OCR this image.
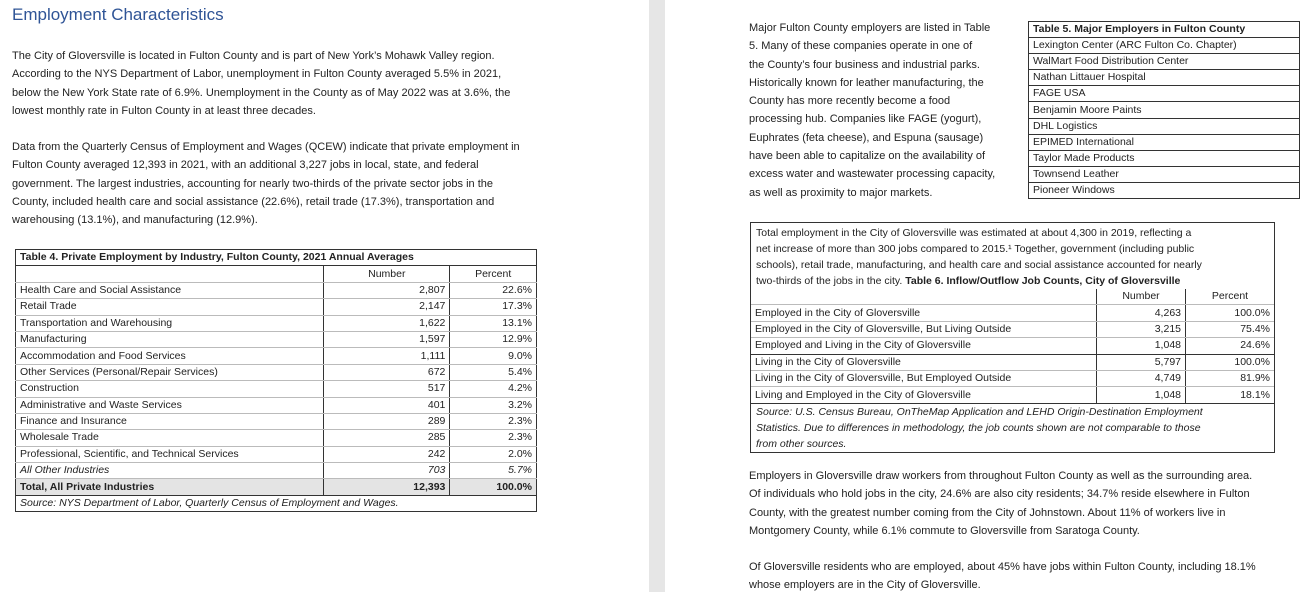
Employment Characteristics
The City of Gloversville is located in Fulton County and is part of New York’s Mohawk Valley region.
According to the NYS Department of Labor, unemployment in Fulton County averaged 5.5% in 2021,
below the New York State rate of 6.9%. Unemployment in the County as of May 2022 was at 3.6%, the
lowest monthly rate in Fulton County in at least three decades.
Data from the Quarterly Census of Employment and Wages (QCEW) indicate that private employment in
Fulton County averaged 12,393 in 2021, with an additional 3,227 jobs in local, state, and federal
government. The largest industries, accounting for nearly two-thirds of the private sector jobs in the
County, included health care and social assistance (22.6%), retail trade (17.3%), transportation and
warehousing (13.1%), and manufacturing (12.9%).
Table 4. Private Employment by Industry, Fulton County, 2021 Annual Averages		
	Number	Percent
Health Care and Social Assistance	2,807	22.6%
Retail Trade	2,147	17.3%
Transportation and Warehousing	1,622	13.1%
Manufacturing	1,597	12.9%
Accommodation and Food Services	1,111	9.0%
Other Services (Personal/Repair Services)	672	5.4%
Construction	517	4.2%
Administrative and Waste Services	401	3.2%
Finance and Insurance	289	2.3%
Wholesale Trade	285	2.3%
Professional, Scientific, and Technical Services	242	2.0%
All Other Industries	703	5.7%
Total, All Private Industries	12,393	100.0%
Source: NYS Department of Labor, Quarterly Census of Employment and Wages.		
Major Fulton County employers are listed in Table
5. Many of these companies operate in one of
the County’s four business and industrial parks.
Historically known for leather manufacturing, the
County has more recently become a food
processing hub. Companies like FAGE (yogurt),
Euphrates (feta cheese), and Espuna (sausage)
have been able to capitalize on the availability of
excess water and wastewater processing capacity,
as well as proximity to major markets.
Employers in Gloversville draw workers from throughout Fulton County as well as the surrounding area.
Of individuals who hold jobs in the city, 24.6% are also city residents; 34.7% reside elsewhere in Fulton
County, with the greatest number coming from the City of Johnstown. About 11% of workers live in
Montgomery County, while 6.1% commute to Gloversville from Saratoga County.
Of Gloversville residents who are employed, about 45% have jobs within Fulton County, including 18.1%
whose employers are in the City of Gloversville.
Table 5. Major Employers in Fulton County
Lexington Center (ARC Fulton Co. Chapter)
WalMart Food Distribution Center
Nathan Littauer Hospital
FAGE USA
Benjamin Moore Paints
DHL Logistics
EPIMED International
Taylor Made Products
Townsend Leather
Pioneer Windows
Total employment in the City of Gloversville was estimated at about 4,300 in 2019, reflecting a
net increase of more than 300 jobs compared to 2015.¹ Together, government (including public
schools), retail trade, manufacturing, and health care and social assistance accounted for nearly
two-thirds of the jobs in the city. Table 6. Inflow/Outflow Job Counts, City of Gloversville
	Number	Percent
Employed in the City of Gloversville	4,263	100.0%
Employed in the City of Gloversville, But Living Outside	3,215	75.4%
Employed and Living in the City of Gloversville	1,048	24.6%
Living in the City of Gloversville	5,797	100.0%
Living in the City of Gloversville, But Employed Outside	4,749	81.9%
Living and Employed in the City of Gloversville	1,048	18.1%

Source: U.S. Census Bureau, OnTheMap Application and LEHD Origin-Destination Employment
Statistics. Due to differences in methodology, the job counts shown are not comparable to those
from other sources.		
